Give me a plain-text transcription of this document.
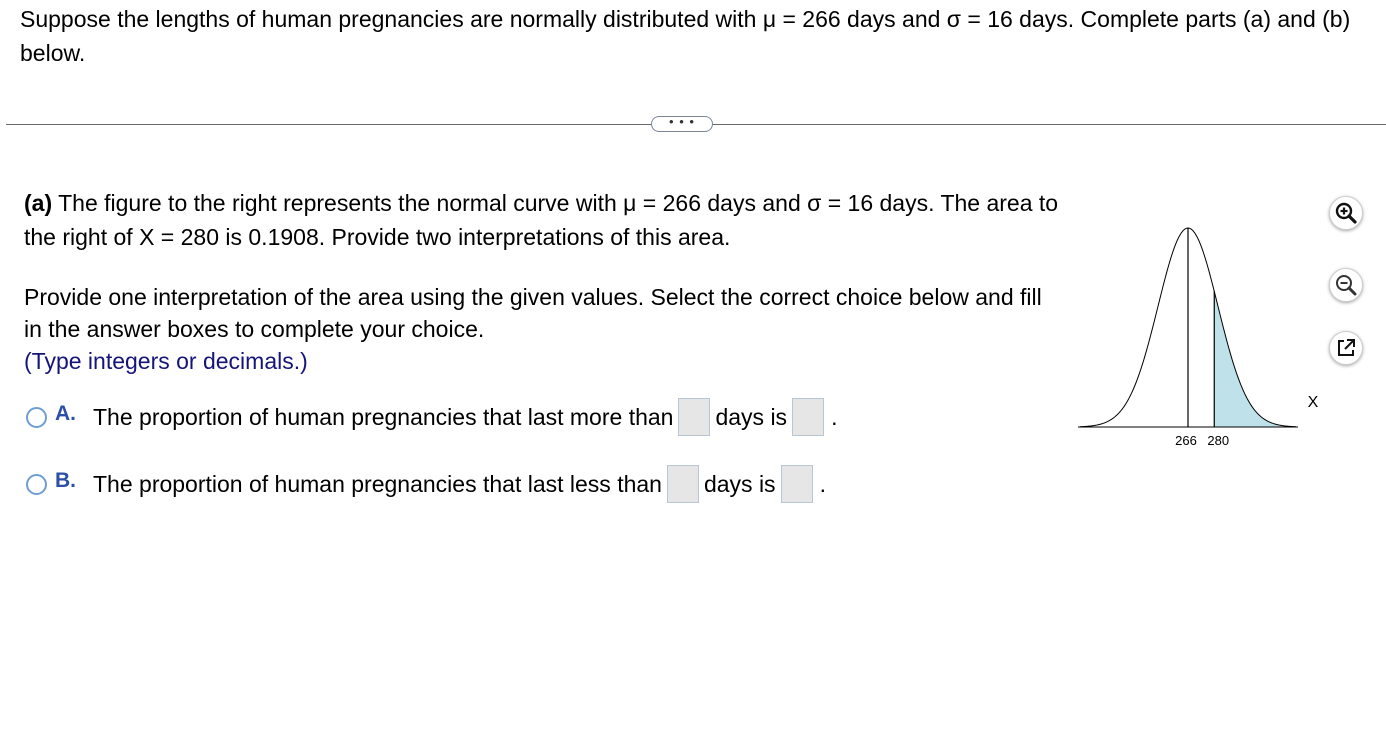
Suppose the lengths of human pregnancies are normally distributed with μ = 266 days and σ = 16 days. Complete parts (a) and (b) below.

• • •

(a) The figure to the right represents the normal curve with μ = 266 days and σ = 16 days. The area to the right of X = 280 is 0.1908. Provide two interpretations of this area.

Provide one interpretation of the area using the given values. Select the correct choice below and fill in the answer boxes to complete your choice.
(Type integers or decimals.)

A. The proportion of human pregnancies that last more than days is .
B. The proportion of human pregnancies that last less than days is .
266 280
X
